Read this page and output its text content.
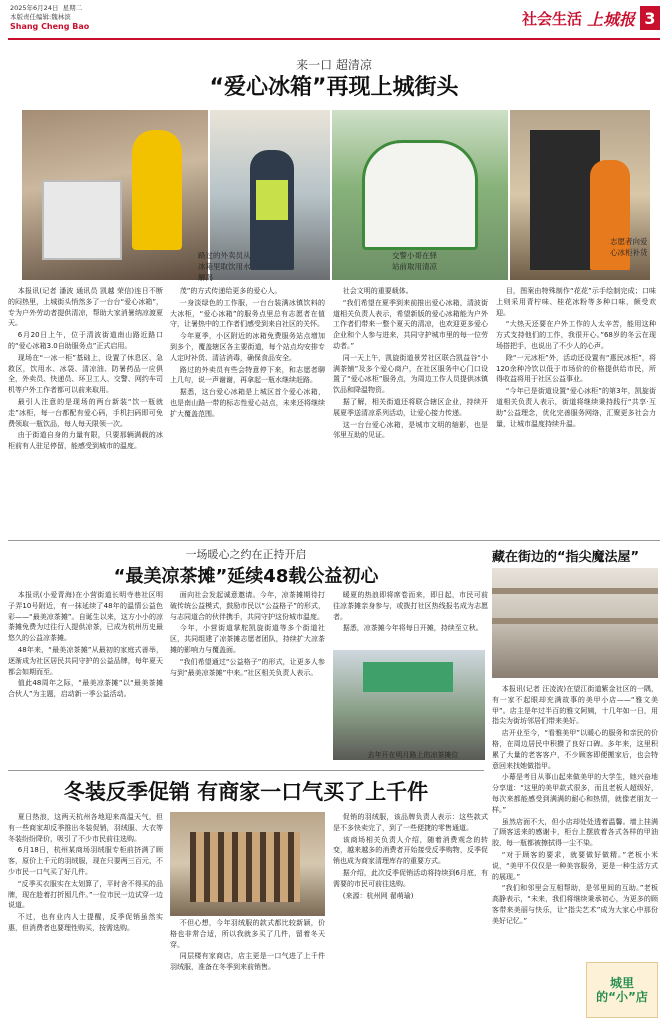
2025年6月24日 星期二
本版责任编辑:魏林滨
Shang Cheng Bao	社会生活 上城报 3
来一口 超清凉
“爱心冰箱”再现上城街头
路过的外卖员从冰箱里取饮用水解渴
交警小哥在驿站前取用清凉
志愿者向爱心冰柜补货

本报讯(记者 潘波 通讯员 凯越 荣信)连日不断的闷热里，上城街头悄然多了一台台“爱心冰箱”，专为户外劳动者提供清凉，帮助大家消暑纳凉渡夏天。

6月20日上午，位于清波街道南山路近路口的“爱心冰箱3.0自助服务点”正式启用。

现场在“一冰一柜”基础上，设置了休息区、急救区，饮用水、冰袋、清凉油、防暑药品一应俱全，外卖员、快递员、环卫工人、交警、网约车司机等户外工作者都可以前来取用。

最引人注意的是现场的两台新装“饮一瓶就走”冰柜，每一台都配有爱心码，手机扫码即可免费领取一瓶饮品，每人每天限领一次。

由于街道自身的力量有限，只要那辆满载的冰柜前有人驻足停留，能感受到城市的温度。

茂”的方式传递给更多的爱心人。

一身淡绿色的工作服，一台台装满冰镇饮料的大冰柜，“爱心冰箱”的服务点里总有志愿者在值守，让暑热中的工作者们感受到来自社区的关怀。

今年夏季，小区附近的冰箱免费服务站点增加到多个，覆盖辖区各主要街道，每个站点均安排专人定时补货、清洁消毒，确保食品安全。

路过的外卖员有些会特意停下来，和志愿者聊上几句，说一声谢谢，再拿起一瓶水继续赶路。

据悉，这台爱心冰箱是上城区首个爱心冰箱，也是南山路一带的标志性爱心站点，未来还将继续扩大覆盖范围。

社会文明的重要载体。

“我们希望在夏季到来前推出爱心冰箱，清波街道相关负责人表示，希望新版的爱心冰箱能为户外工作者们带来一整个夏天的清凉，也欢迎更多爱心企业和个人参与进来，共同守护城市里的每一位劳动者。”

同一天上午，凯旋街道景芳社区联合凯益谷“小满茶铺”及多个爱心商户，在社区服务中心门口设置了“爱心冰柜”服务点，为周边工作人员提供冰镇饮品和降温物资。

据了解，相关街道还将联合辖区企业，持续开展夏季送清凉系列活动，让爱心接力传递。

这一台台爱心冰箱，是城市文明的缩影，也是邻里互助的见证。

目，图案由特殊制作“花花”示手绘制完成；口味上则采用青柠味、桂花冰粉等多种口味，颇受欢迎。

“大热天还要在户外工作的人太辛苦，能用这种方式支持他们的工作，我很开心。”68岁的冬云在现场搭把手，也说出了不少人的心声。

除“一元冰柜”外，活动还设置有“惠民冰柜”，将120余种冷饮以低于市场价的价格提供给市民，所得收益将用于社区公益事业。

“今年已是街道设置“爱心冰柜”的第3年，凯旋街道相关负责人表示，街道将继续秉持践行“共享·互助”公益理念，优化完善服务网络，汇聚更多社会力量，让城市温度持续升温。

一场暖心之约在正持开启
“最美凉茶摊”延续48载公益初心

本报讯(小爱青海)在小营街道长明寺巷社区明子弄10号附近，有一抹延续了48年的温情公益色彩——“最美凉茶摊”。自诞生以来，这方小小的凉茶摊免费为过往行人提供凉茶，已成为杭州历史最悠久的公益凉茶摊。

48年来，“最美凉茶摊”从最初的家庭式善举，逐渐成为社区居民共同守护的公益品牌，每年夏天都会如期而至。

值此48周年之际，“最美凉茶摊”以“最美茶摊合伙人”为主题，启动新一季公益活动。

面向社会发起诚意邀请。今年，凉茶摊期待打破传统公益模式，鼓励市民以“公益格子”的形式，与志同道合的伙伴携手，共同守护这份城市温度。

今年，小营街道掌舵凯旋街道等多个街道社区，共同组建了凉茶摊志愿者团队，持续扩大凉茶摊的影响力与覆盖面。

“我们希望通过“公益格子”的形式，让更多人参与到“最美凉茶摊”中来。”社区相关负责人表示。

暖夏的热浪即将席卷而来，即日起，市民可前往凉茶摊亲身参与，或拨打社区热线报名成为志愿者。

据悉，凉茶摊今年将每日开摊，持续至立秋。

去年开在明月路上的凉茶摊位
藏在街边的“指尖魔法屋”

本报讯(记者 汪凌波)在望江街道紫金社区的一隅，有一家不起眼却充满故事的美甲小店——“雅文美甲”。店主是年过半百的雅文阿姨，十几年如一日，用指尖为街坊邻居们带来美好。

店开业至今，“看雅美甲”以暖心的服务和亲民的价格，在周边居民中积攒了良好口碑。多年来，这里积累了大量的老客客户，不少顾客即便搬家后，也会特意回来找她做指甲。

小幕是考目从事山起来做美甲的大学生，她兴奋地分享道：“这里的美甲款式很多，而且老板人超级好，每次来都能感受到满满的耐心和热情，就像老朋友一样。”

虽然店面不大，但小店却处处透着温馨。墙上挂满了顾客送来的感谢卡，柜台上摆放着各式各样的甲油胶，每一瓶都被擦拭得一尘不染。

“对于顾客的要求，就要做好做精。”老板小米说，“美甲不仅仅是一种美容服务，更是一种生活方式的展现。”

“我们和邻里会互相帮助，是邻里间的互助。”老板高静表示，“未来，我们将继续秉承初心，为更多的顾客带来美丽与快乐，让“指尖艺术”成为大家心中那份美好记忆。”

城里的“小”店
冬装反季促销 有商家一口气买了上千件

夏日热浪，这两天杭州各地迎来高温天气，但有一些商家却反季推出冬装促销，羽绒服、大衣等冬装纷纷降价，吸引了不少市民前往选购。

6月18日，杭州某商场羽绒服专柜前挤满了顾客，原价上千元的羽绒服，现在只要两三百元，不少市民一口气买了好几件。

“反季买衣服实在太划算了，平时舍不得买的品牌，现在趁着打折囤几件。”一位市民一边试穿一边说道。

不过，也有业内人士提醒，反季促销虽然实惠，但消费者也要理性购买，按需选购。

不但心想，今年羽绒服的款式都比较新颖，价格也非常合适，所以我就多买了几件，留着冬天穿。

同层楼有家商店，店主更是一口气进了上千件羽绒服，准备在冬季到来前销售。

促销的羽绒服，该品牌负责人表示：这些款式是不多快卖完了，到了一些便捷的零售通道。

该商场相关负责人介绍，随着消费观念的转变，越来越多的消费者开始接受反季购物，反季促销也成为商家清理库存的重要方式。

据介绍，此次反季促销活动将持续到6月底，有需要的市民可前往选购。

(来源：杭州网 翟萌瑜)
